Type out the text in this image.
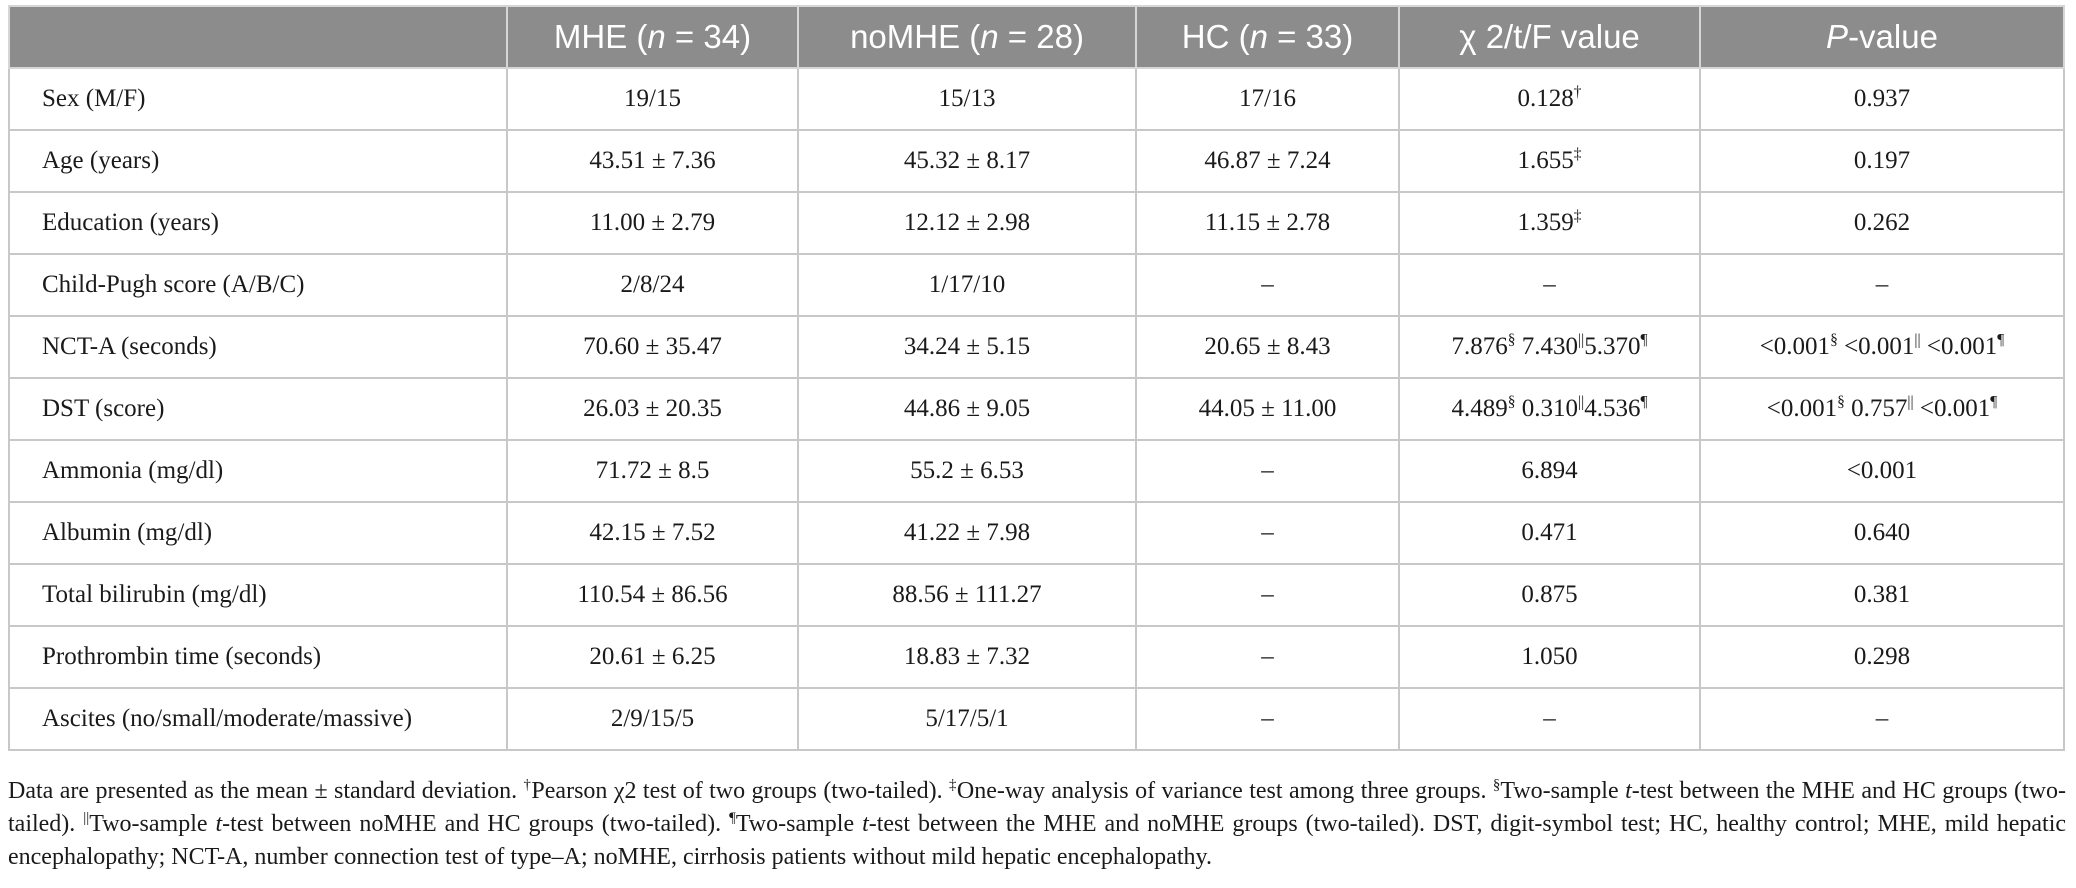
	MHE (n = 34)	noMHE (n = 28)	HC (n = 33)	χ 2/t/F value	P-value
Sex (M/F)	19/15	15/13	17/16	0.128†	0.937
Age (years)	43.51 ± 7.36	45.32 ± 8.17	46.87 ± 7.24	1.655‡	0.197
Education (years)	11.00 ± 2.79	12.12 ± 2.98	11.15 ± 2.78	1.359‡	0.262
Child-Pugh score (A/B/C)	2/8/24	1/17/10	–	–	–
NCT-A (seconds)	70.60 ± 35.47	34.24 ± 5.15	20.65 ± 8.43	7.876§ 7.430||5.370¶	<0.001§ <0.001|| <0.001¶
DST (score)	26.03 ± 20.35	44.86 ± 9.05	44.05 ± 11.00	4.489§ 0.310||4.536¶	<0.001§ 0.757|| <0.001¶
Ammonia (mg/dl)	71.72 ± 8.5	55.2 ± 6.53	–	6.894	<0.001
Albumin (mg/dl)	42.15 ± 7.52	41.22 ± 7.98	–	0.471	0.640
Total bilirubin (mg/dl)	110.54 ± 86.56	88.56 ± 111.27	–	0.875	0.381
Prothrombin time (seconds)	20.61 ± 6.25	18.83 ± 7.32	–	1.050	0.298
Ascites (no/small/moderate/massive)	2/9/15/5	5/17/5/1	–	–	–
Data are presented as the mean ± standard deviation. †Pearson χ2 test of two groups (two-tailed). ‡One-way analysis of variance test among three groups. §Two-sample t-test between the MHE and HC groups (two-tailed). ||Two-sample t-test between noMHE and HC groups (two-tailed). ¶Two-sample t-test between the MHE and noMHE groups (two-tailed). DST, digit-symbol test; HC, healthy control; MHE, mild hepatic encephalopathy; NCT-A, number connection test of type–A; noMHE, cirrhosis patients without mild hepatic encephalopathy.
